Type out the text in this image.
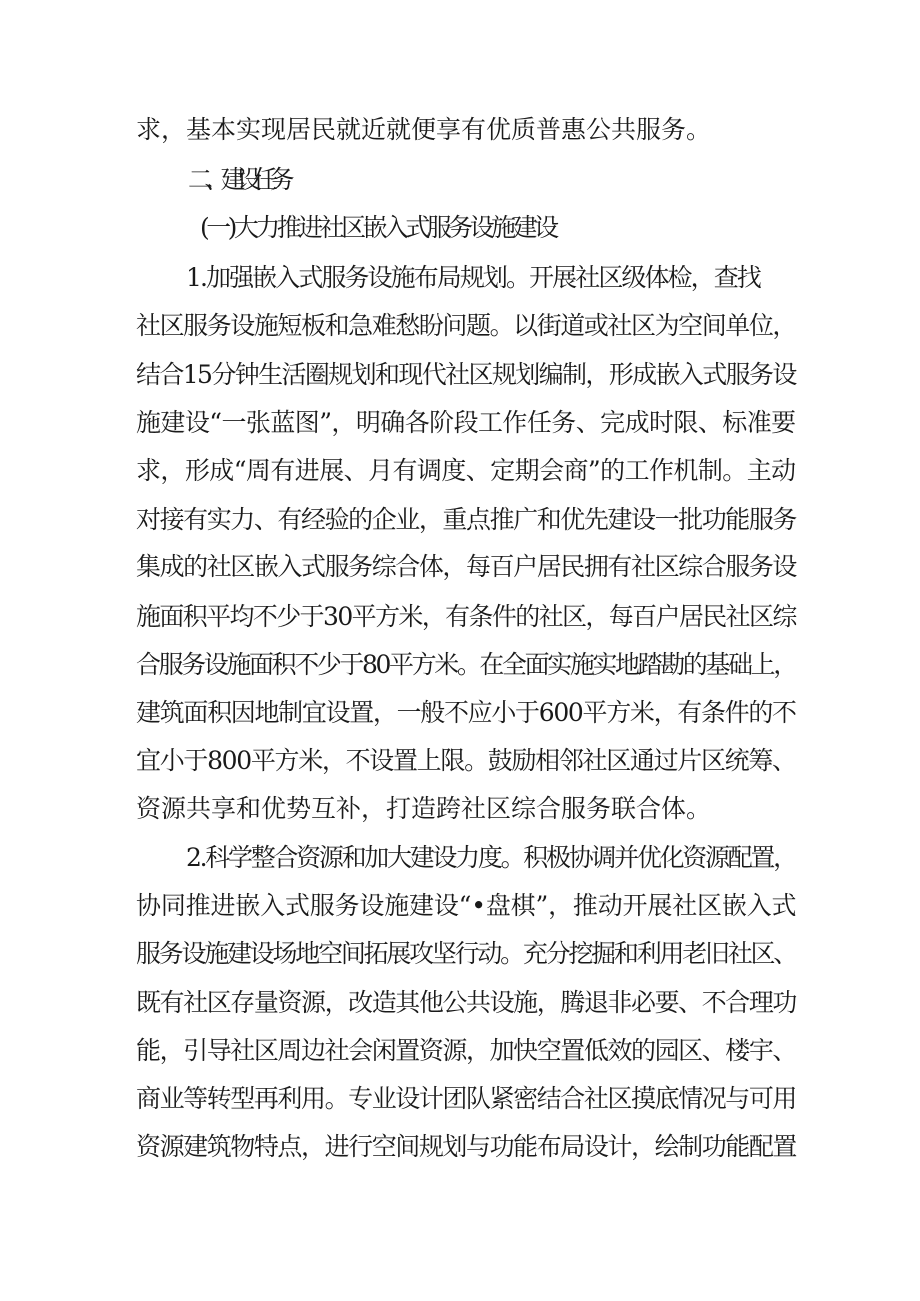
求，基本实现居民就近就便享有优质普惠公共服务。
二、建设任务
(一)大力推进社区嵌入式服务设施建设
1.加强嵌入式服务设施布局规划。开展社区级体检，查找
社区服务设施短板和急难愁盼问题。以街道或社区为空间单位，
结合15分钟生活圈规划和现代社区规划编制，形成嵌入式服务设
施建设“一张蓝图”，明确各阶段工作任务、完成时限、标准要
求，形成“周有进展、月有调度、定期会商”的工作机制。主动
对接有实力、有经验的企业，重点推广和优先建设一批功能服务
集成的社区嵌入式服务综合体，每百户居民拥有社区综合服务设
施面积平均不少于30平方米，有条件的社区，每百户居民社区综
合服务设施面积不少于80平方米。在全面实施实地踏勘的基础上，
建筑面积因地制宜设置，一般不应小于600平方米，有条件的不
宜小于800平方米，不设置上限。鼓励相邻社区通过片区统筹、
资源共享和优势互补，打造跨社区综合服务联合体。
2.科学整合资源和加大建设力度。积极协调并优化资源配置，
协同推进嵌入式服务设施建设“•盘棋”，推动开展社区嵌入式
服务设施建设场地空间拓展攻坚行动。充分挖掘和利用老旧社区、
既有社区存量资源，改造其他公共设施，腾退非必要、不合理功
能，引导社区周边社会闲置资源，加快空置低效的园区、楼宇、
商业等转型再利用。专业设计团队紧密结合社区摸底情况与可用
资源建筑物特点，进行空间规划与功能布局设计，绘制功能配置
